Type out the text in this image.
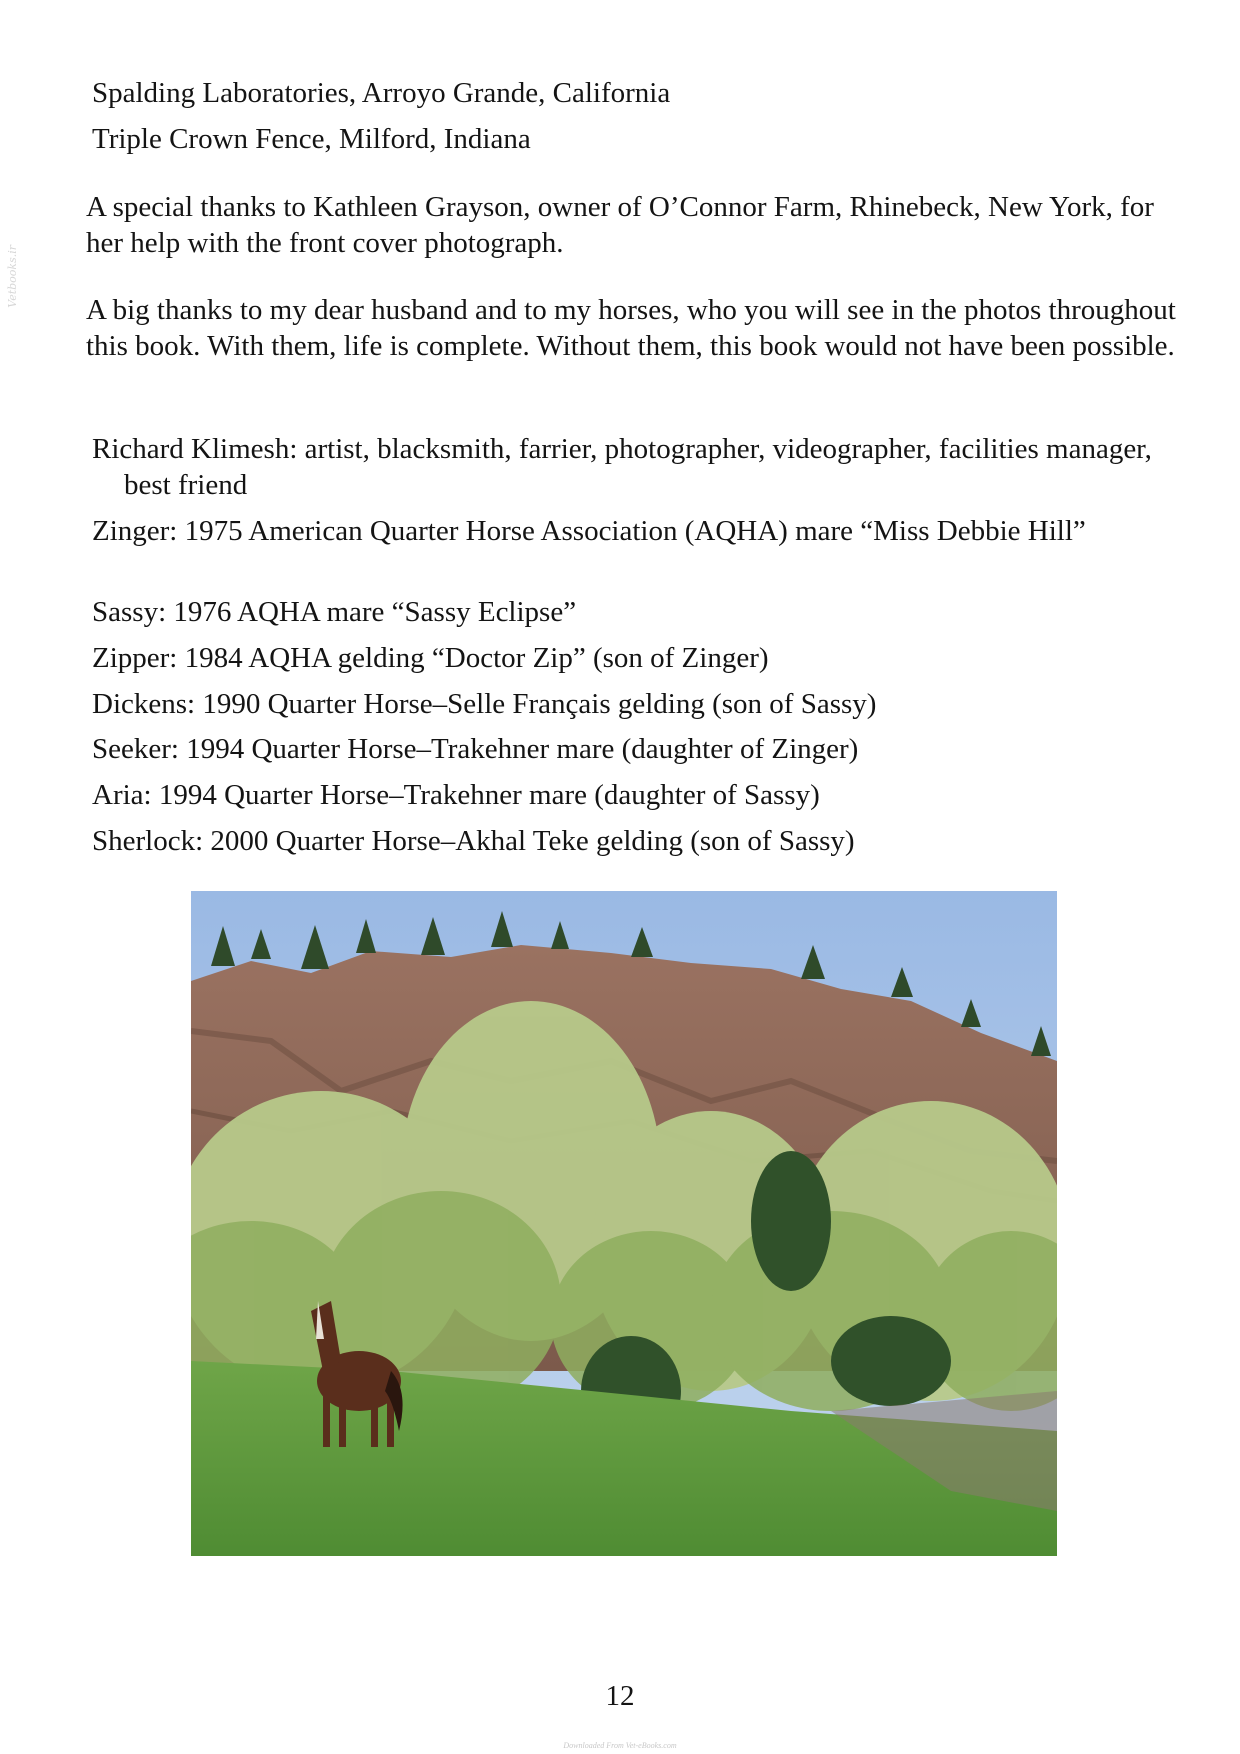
Vetbooks.ir
Spalding Laboratories, Arroyo Grande, California
Triple Crown Fence, Milford, Indiana
A special thanks to Kathleen Grayson, owner of O’Connor Farm, Rhinebeck, New York, for her help with the front cover photograph.
A big thanks to my dear husband and to my horses, who you will see in the photos throughout this book. With them, life is complete. Without them, this book would not have been possible.
Richard Klimesh: artist, blacksmith, farrier, photographer, videographer, facilities manager, best friend
Zinger: 1975 American Quarter Horse Association (AQHA) mare “Miss Debbie Hill”
Sassy: 1976 AQHA mare “Sassy Eclipse”
Zipper: 1984 AQHA gelding “Doctor Zip” (son of Zinger)
Dickens: 1990 Quarter Horse–Selle Français gelding (son of Sassy)
Seeker: 1994 Quarter Horse–Trakehner mare (daughter of Zinger)
Aria: 1994 Quarter Horse–Trakehner mare (daughter of Sassy)
Sherlock: 2000 Quarter Horse–Akhal Teke gelding (son of Sassy)
12
Downloaded From Vet-eBooks.com
